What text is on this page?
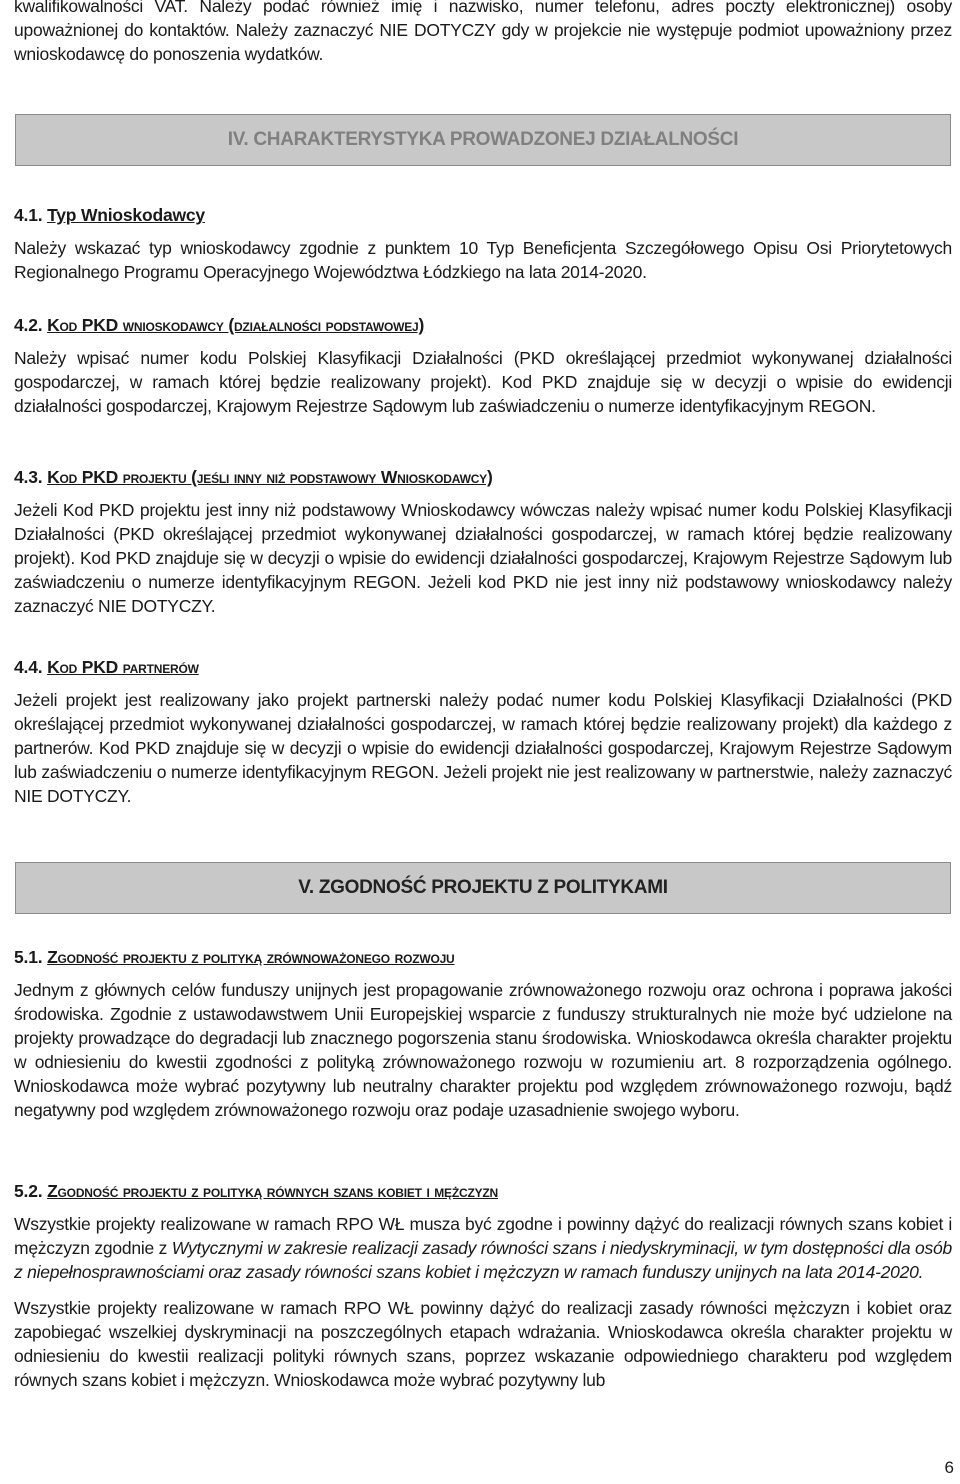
kwalifikowalności VAT. Należy podać również imię i nazwisko, numer telefonu, adres poczty elektronicznej) osoby upoważnionej do kontaktów. Należy zaznaczyć NIE DOTYCZY gdy w projekcie nie występuje podmiot upoważniony przez wnioskodawcę do ponoszenia wydatków.

IV. CHARAKTERYSTYKA PROWADZONEJ DZIAŁALNOŚCI
4.1. Typ Wnioskodawcy

Należy wskazać typ wnioskodawcy zgodnie z punktem 10 Typ Beneficjenta Szczegółowego Opisu Osi Priorytetowych Regionalnego Programu Operacyjnego Województwa Łódzkiego na lata 2014-2020.

4.2. Kod PKD wnioskodawcy (działalności podstawowej)

Należy wpisać numer kodu Polskiej Klasyfikacji Działalności (PKD określającej przedmiot wykonywanej działalności gospodarczej, w ramach której będzie realizowany projekt). Kod PKD znajduje się w decyzji o wpisie do ewidencji działalności gospodarczej, Krajowym Rejestrze Sądowym lub zaświadczeniu o numerze identyfikacyjnym REGON.

4.3. Kod PKD projektu (jeśli inny niż podstawowy Wnioskodawcy)

Jeżeli Kod PKD projektu jest inny niż podstawowy Wnioskodawcy wówczas należy wpisać numer kodu Polskiej Klasyfikacji Działalności (PKD określającej przedmiot wykonywanej działalności gospodarczej, w ramach której będzie realizowany projekt). Kod PKD znajduje się w decyzji o wpisie do ewidencji działalności gospodarczej, Krajowym Rejestrze Sądowym lub zaświadczeniu o numerze identyfikacyjnym REGON. Jeżeli kod PKD nie jest inny niż podstawowy wnioskodawcy należy zaznaczyć NIE DOTYCZY.

4.4. Kod PKD partnerów

Jeżeli projekt jest realizowany jako projekt partnerski należy podać numer kodu Polskiej Klasyfikacji Działalności (PKD określającej przedmiot wykonywanej działalności gospodarczej, w ramach której będzie realizowany projekt) dla każdego z partnerów. Kod PKD znajduje się w decyzji o wpisie do ewidencji działalności gospodarczej, Krajowym Rejestrze Sądowym lub zaświadczeniu o numerze identyfikacyjnym REGON. Jeżeli projekt nie jest realizowany w partnerstwie, należy zaznaczyć NIE DOTYCZY.

V. ZGODNOŚĆ PROJEKTU Z POLITYKAMI
5.1. Zgodność projektu z polityką zrównoważonego rozwoju

Jednym z głównych celów funduszy unijnych jest propagowanie zrównoważonego rozwoju oraz ochrona i poprawa jakości środowiska. Zgodnie z ustawodawstwem Unii Europejskiej wsparcie z funduszy strukturalnych nie może być udzielone na projekty prowadzące do degradacji lub znacznego pogorszenia stanu środowiska. Wnioskodawca określa charakter projektu w odniesieniu do kwestii zgodności z polityką zrównoważonego rozwoju w rozumieniu art. 8 rozporządzenia ogólnego. Wnioskodawca może wybrać pozytywny lub neutralny charakter projektu pod względem zrównoważonego rozwoju, bądź negatywny pod względem zrównoważonego rozwoju oraz podaje uzasadnienie swojego wyboru.

5.2. Zgodność projektu z polityką równych szans kobiet i mężczyzn

Wszystkie projekty realizowane w ramach RPO WŁ musza być zgodne i powinny dążyć do realizacji równych szans kobiet i mężczyzn zgodnie z Wytycznymi w zakresie realizacji zasady równości szans i niedyskryminacji, w tym dostępności dla osób z niepełnosprawnościami oraz zasady równości szans kobiet i mężczyzn w ramach funduszy unijnych na lata 2014-2020.

Wszystkie projekty realizowane w ramach RPO WŁ powinny dążyć do realizacji zasady równości mężczyzn i kobiet oraz zapobiegać wszelkiej dyskryminacji na poszczególnych etapach wdrażania. Wnioskodawca określa charakter projektu w odniesieniu do kwestii realizacji polityki równych szans, poprzez wskazanie odpowiedniego charakteru pod względem równych szans kobiet i mężczyzn. Wnioskodawca może wybrać pozytywny lub

6
